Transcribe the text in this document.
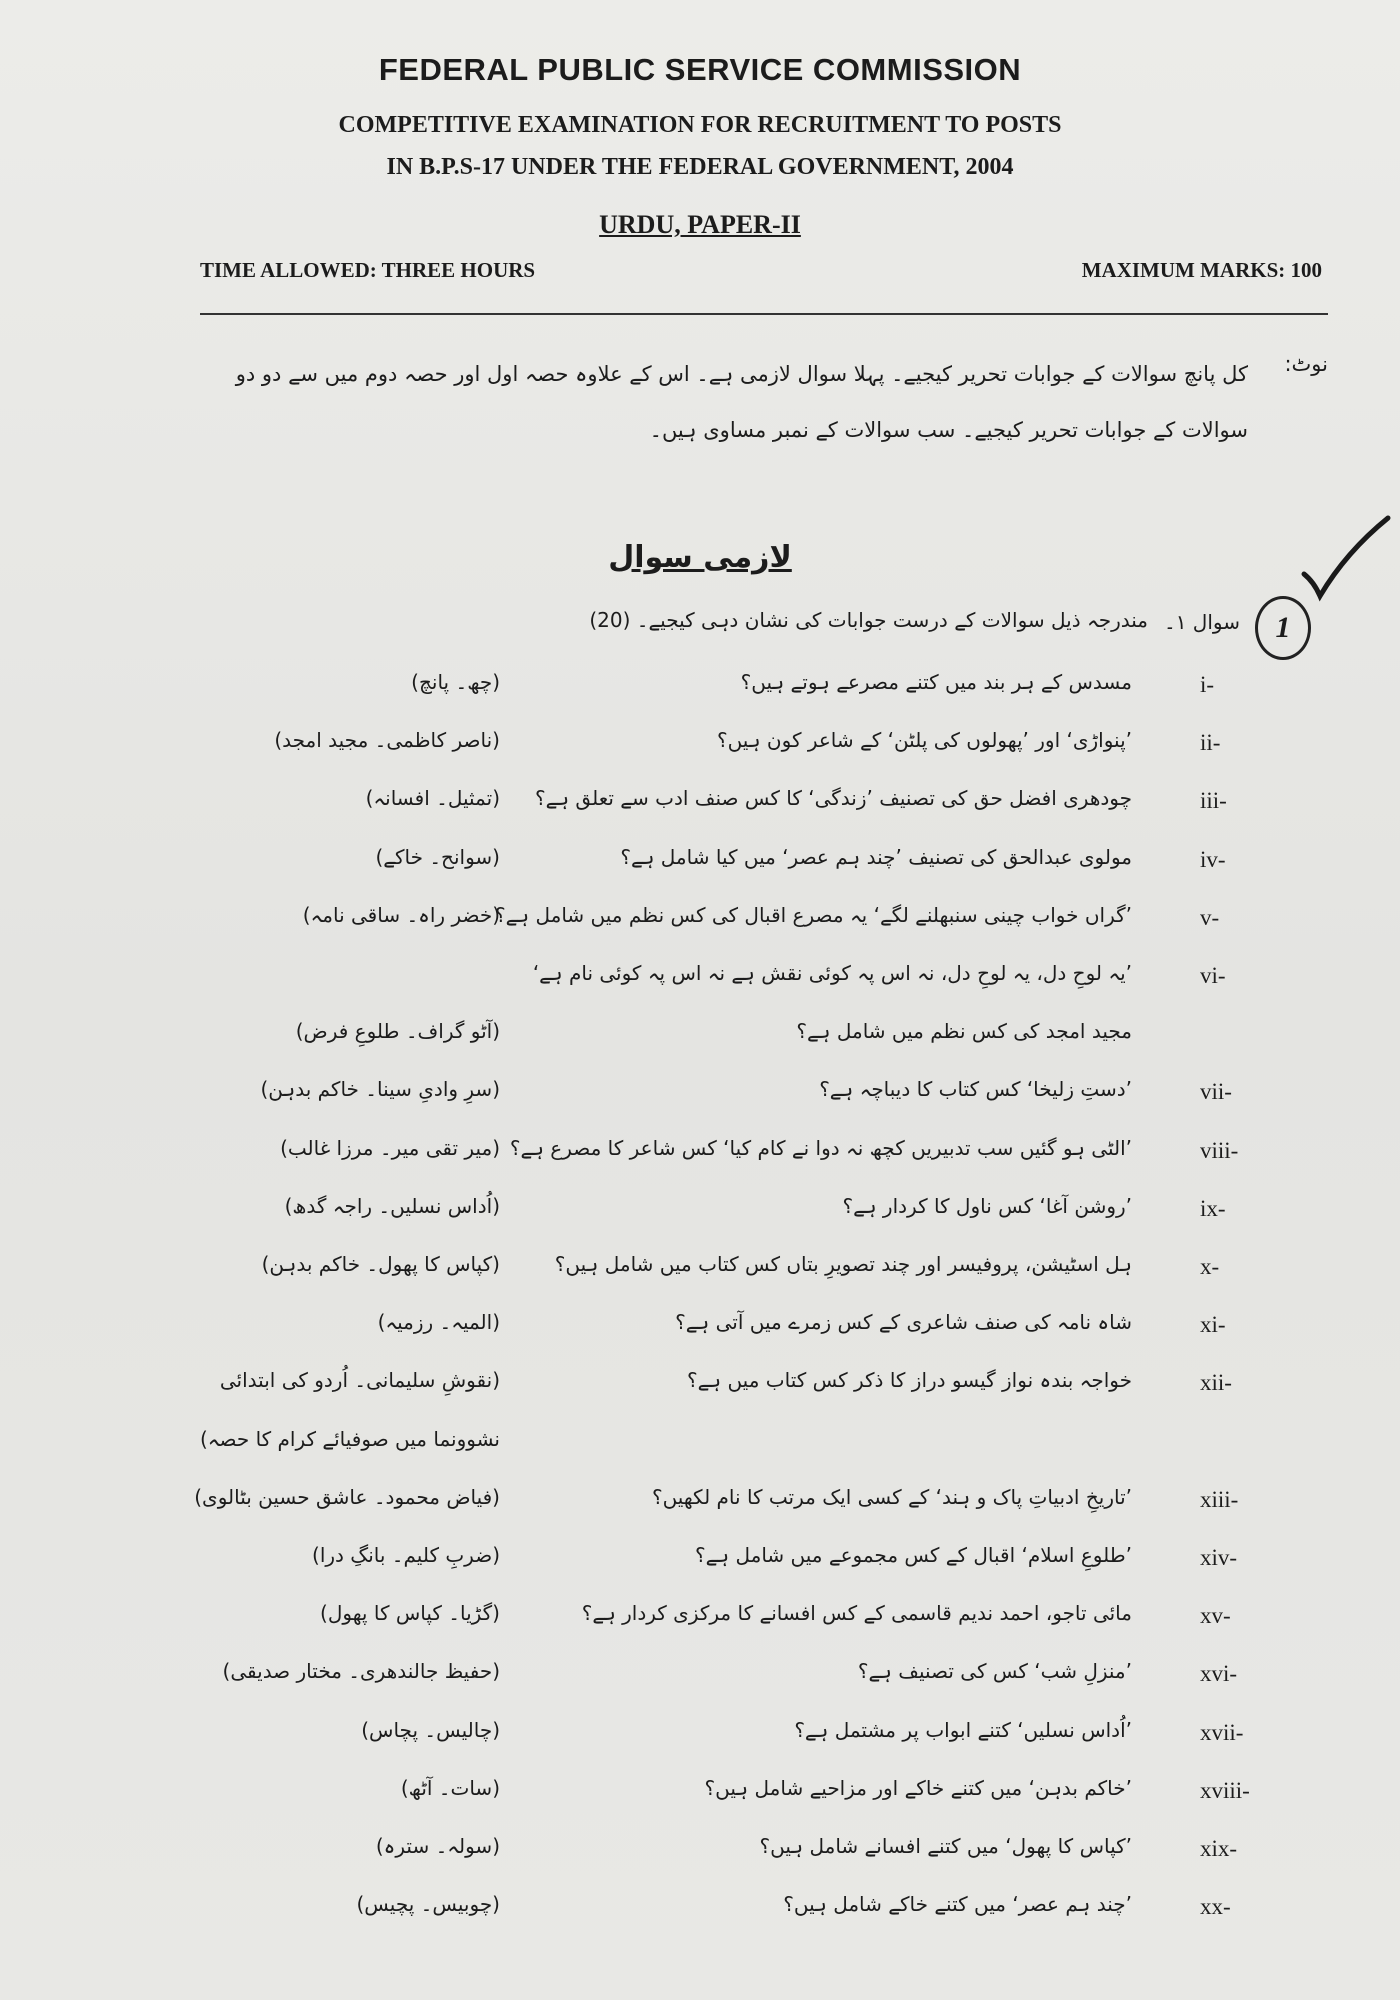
FEDERAL PUBLIC SERVICE COMMISSION
COMPETITIVE EXAMINATION FOR RECRUITMENT TO POSTS
IN B.P.S-17 UNDER THE FEDERAL GOVERNMENT, 2004
URDU, PAPER-II
TIME ALLOWED: THREE HOURS	MAXIMUM MARKS: 100
نوٹ:
کل پانچ سوالات کے جوابات تحریر کیجیے۔ پہلا سوال لازمی ہے۔ اس کے علاوہ حصہ اول اور حصہ دوم میں سے دو دو سوالات کے جوابات تحریر کیجیے۔ سب سوالات کے نمبر مساوی ہیں۔
لازمی سوال
1
سوال ۱۔
مندرجہ ذیل سوالات کے درست جوابات کی نشان دہی کیجیے۔ (20)
i-
مسدس کے ہر بند میں کتنے مصرعے ہوتے ہیں؟
(چھ۔ پانچ)
ii-
’پنواڑی‘ اور ’پھولوں کی پلٹن‘ کے شاعر کون ہیں؟
(ناصر کاظمی۔ مجید امجد)
iii-
چودھری افضل حق کی تصنیف ’زندگی‘ کا کس صنف ادب سے تعلق ہے؟
(تمثیل۔ افسانہ)
iv-
مولوی عبدالحق کی تصنیف ’چند ہم عصر‘ میں کیا شامل ہے؟
(سوانح۔ خاکے)
v-
’گراں خواب چینی سنبھلنے لگے‘ یہ مصرع اقبال کی کس نظم میں شامل ہے؟
(خضر راہ۔ ساقی نامہ)
vi-
’یہ لوحِ دل، یہ لوحِ دل، نہ اس پہ کوئی نقش ہے نہ اس پہ کوئی نام ہے‘
مجید امجد کی کس نظم میں شامل ہے؟
(آٹو گراف۔ طلوعِ فرض)
vii-
’دستِ زلیخا‘ کس کتاب کا دیباچہ ہے؟
(سرِ وادیِ سینا۔ خاکم بدہن)
viii-
’الٹی ہو گئیں سب تدبیریں کچھ نہ دوا نے کام کیا‘ کس شاعر کا مصرع ہے؟
(میر تقی میر۔ مرزا غالب)
ix-
’روشن آغا‘ کس ناول کا کردار ہے؟
(اُداس نسلیں۔ راجہ گدھ)
x-
ہل اسٹیشن، پروفیسر اور چند تصویرِ بتاں کس کتاب میں شامل ہیں؟
(کپاس کا پھول۔ خاکم بدہن)
xi-
شاہ نامہ کی صنف شاعری کے کس زمرے میں آتی ہے؟
(المیہ۔ رزمیہ)
xii-
خواجہ بندہ نواز گیسو دراز کا ذکر کس کتاب میں ہے؟
(نقوشِ سلیمانی۔ اُردو کی ابتدائی
نشوونما میں صوفیائے کرام کا حصہ)
xiii-
’تاریخِ ادبیاتِ پاک و ہند‘ کے کسی ایک مرتب کا نام لکھیں؟
(فیاض محمود۔ عاشق حسین بٹالوی)
xiv-
’طلوعِ اسلام‘ اقبال کے کس مجموعے میں شامل ہے؟
(ضربِ کلیم۔ بانگِ درا)
xv-
مائی تاجو، احمد ندیم قاسمی کے کس افسانے کا مرکزی کردار ہے؟
(گڑیا۔ کپاس کا پھول)
xvi-
’منزلِ شب‘ کس کی تصنیف ہے؟
(حفیظ جالندھری۔ مختار صدیقی)
xvii-
’اُداس نسلیں‘ کتنے ابواب پر مشتمل ہے؟
(چالیس۔ پچاس)
xviii-
’خاکم بدہن‘ میں کتنے خاکے اور مزاحیے شامل ہیں؟
(سات۔ آٹھ)
xix-
’کپاس کا پھول‘ میں کتنے افسانے شامل ہیں؟
(سولہ۔ سترہ)
xx-
’چند ہم عصر‘ میں کتنے خاکے شامل ہیں؟
(چوبیس۔ پچیس)
